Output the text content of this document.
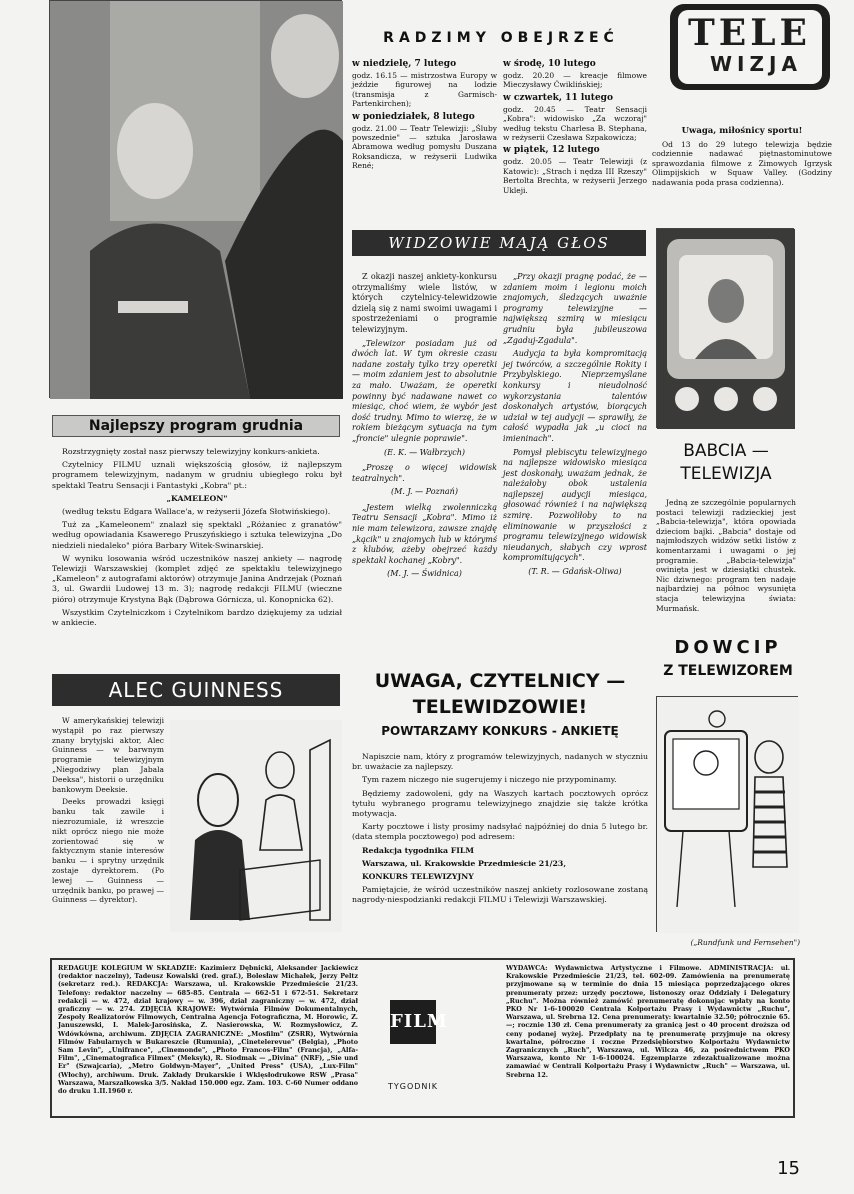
RADZIMY OBEJRZEĆ
w niedzielę, 7 lutego
godz. 16.15 — mistrzostwa Europy w jeździe figurowej na lodzie (transmisja z Garmisch-Partenkirchen);
w poniedziałek, 8 lutego
godz. 21.00 — Teatr Telewizji: „Śluby powszednie" — sztuka Jarosława Abramowa według pomysłu Duszana Roksandicza, w reżyserii Ludwika René;
w środę, 10 lutego
godz. 20.20 — kreacje filmowe Mieczysławy Ćwiklińskiej;
w czwartek, 11 lutego
godz. 20.45 — Teatr Sensacji „Kobra": widowisko „Za wczoraj" według tekstu Charlesa B. Stephana, w reżyserii Czesława Szpakowicza;
w piątek, 12 lutego
godz. 20.05 — Teatr Telewizji (z Katowic): „Strach i nędza III Rzeszy" Bertolta Brechta, w reżyserii Jerzego Ukleji.
TELE
WIZJA
Uwaga, miłośnicy sportu!
Od 13 do 29 lutego telewizja będzie codziennie nadawać piętnastominutowe sprawozdania filmowe z Zimowych Igrzysk Olimpijskich w Squaw Valley. (Godziny nadawania poda prasa codzienna).
WIDZOWIE MAJĄ GŁOS

Z okazji naszej ankiety-konkursu otrzymaliśmy wiele listów, w których czytelnicy-telewidzowie dzielą się z nami swoimi uwagami i spostrzeżeniami o programie telewizyjnym.

„Telewizor posiadam już od dwóch lat. W tym okresie czasu nadane zostały tylko trzy operetki — moim zdaniem jest to absolutnie za mało. Uważam, że operetki powinny być nadawane nawet co miesiąc, choć wiem, że wybór jest dość trudny. Mimo to wierzę, że w rokiem bieżącym sytuacja na tym „froncie" ulegnie poprawie".

(E. K. — Wałbrzych)

„Proszę o więcej widowisk teatralnych".

(M. J. — Poznań)

„Jestem wielką zwolenniczką Teatru Sensacji „Kobra". Mimo iż nie mam telewizora, zawsze znajdę „kącik" u znajomych lub w którymś z klubów, ażeby obejrzeć każdy spektakl kochanej „Kobry".

(M. J. — Świdnica)

„Przy okazji pragnę podać, że — zdaniem moim i legionu moich znajomych, śledzących uważnie programy telewizyjne — największą szmirą w miesiącu grudniu była jubileuszowa „Zgaduj-Zgadula".

Audycja ta była kompromitacją jej twórców, a szczególnie Rokity i Przybylskiego. Nieprzemyślane konkursy i nieudolność wykorzystania talentów doskonałych artystów, biorących udział w tej audycji — sprawiły, że całość wypadła jak „u cioci na imieninach".

Pomysł plebiscytu telewizyjnego na najlepsze widowisko miesiąca jest doskonały, uważam jednak, że należałoby obok ustalenia najlepszej audycji miesiąca, głosować również i na największą szmirę. Pozwoliłoby to na eliminowanie w przyszłości z programu telewizyjnego widowisk nieudanych, słabych czy wprost kompromitujących".

(T. R. — Gdańsk-Oliwa)
BABCIA —
TELEWIZJA
Jedną ze szczególnie popularnych postaci telewizji radzieckiej jest „Babcia-telewizja", która opowiada dzieciom bajki. „Babcia" dostaje od najmłodszych widzów setki listów z komentarzami i uwagami o jej programie. „Babcia-telewizja" owinięta jest w dziesiątki chustek. Nic dziwnego: program ten nadaje najbardziej na północ wysunięta stacja telewizyjna świata: Murmańsk.
Najlepszy program grudnia

Rozstrzygnięty został nasz pierwszy telewizyjny konkurs-ankieta.

Czytelnicy FILMU uznali większością głosów, iż najlepszym programem telewizyjnym, nadanym w grudniu ubiegłego roku był spektakl Teatru Sensacji i Fantastyki „Kobra" pt.:

„KAMELEON"

(według tekstu Edgara Wallace'a, w reżyserii Józefa Słotwińskiego).

Tuż za „Kameleonem" znalazł się spektakl „Różaniec z granatów" według opowiadania Ksawerego Pruszyńskiego i sztuka telewizyjna „Do niedzieli niedaleko" pióra Barbary Witek-Swinarskiej.

W wyniku losowania wśród uczestników naszej ankiety — nagrodę Telewizji Warszawskiej (komplet zdjęć ze spektaklu telewizyjnego „Kameleon" z autografami aktorów) otrzymuje Janina Andrzejak (Poznań 3, ul. Gwardii Ludowej 13 m. 3); nagrodę redakcji FILMU (wieczne pióro) otrzymuje Krystyna Bąk (Dąbrowa Górnicza, ul. Konopnicka 62).

Wszystkim Czytelniczkom i Czytelnikom bardzo dziękujemy za udział w ankiecie.

ALEC GUINNESS

W amerykańskiej telewizji wystąpił po raz pierwszy znany brytyjski aktor, Alec Guinness — w barwnym programie telewizyjnym „Niegodziwy plan Jabala Deeksa", historii o urzędniku bankowym Deeksie.

Deeks prowadzi księgi banku tak zawile i niezrozumiale, iż wreszcie nikt oprócz niego nie może zorientować się w faktycznym stanie interesów banku — i sprytny urzędnik zostaje dyrektorem. (Po lewej — Guinness — urzędnik banku, po prawej — Guinness — dyrektor).

UWAGA, CZYTELNICY —
TELEWIDZOWIE!
POWTARZAMY KONKURS - ANKIETĘ

Napiszcie nam, który z programów telewizyjnych, nadanych w styczniu br. uważacie za najlepszy.

Tym razem niczego nie sugerujemy i niczego nie przypominamy.

Będziemy zadowoleni, gdy na Waszych kartach pocztowych oprócz tytułu wybranego programu telewizyjnego znajdzie się także krótka motywacja.

Karty pocztowe i listy prosimy nadsyłać najpóźniej do dnia 5 lutego br. (data stempla pocztowego) pod adresem:

Redakcja tygodnika FILM

Warszawa, ul. Krakowskie Przedmieście 21/23,

KONKURS TELEWIZYJNY

Pamiętajcie, że wśród uczestników naszej ankiety rozlosowane zostaną nagrody-niespodzianki redakcji FILMU i Telewizji Warszawskiej.

DOWCIP
Z TELEWIZOREM
(„Rundfunk und Fernsehen")
REDAGUJE KOLEGIUM W SKŁADZIE: Kazimierz Dębnicki, Aleksander Jackiewicz (redaktor naczelny), Tadeusz Kowalski (red. graf.), Bolesław Michałek, Jerzy Peltz (sekretarz red.). REDAKCJA: Warszawa, ul. Krakowskie Przedmieście 21/23. Telefony: redaktor naczelny — 685-85. Centrala — 662-51 i 672-51. Sekretarz redakcji — w. 472, dział krajowy — w. 396, dział zagraniczny — w. 472, dział graficzny — w. 274. ZDJĘCIA KRAJOWE: Wytwórnia Filmów Dokumentalnych, Zespoły Realizatorów Filmowych, Centralna Agencja Fotograficzna, M. Horowic, Z. Januszewski, I. Malek-Jarosińska, Z. Nasierowska, W. Rozmysłowicz, Z. Wdówkówna, archiwum. ZDJĘCIA ZAGRANICZNE: „Mosfilm" (ZSRR), Wytwórnia Filmów Fabularnych w Bukareszcie (Rumunia), „Cinetelerevue" (Belgia), „Photo Sam Levin", „Unifrance", „Cinemonde", „Photo Francos-Film" (Francja), „Alfa-Film", „Cinematografica Filmex" (Meksyk), R. Siodmak — „Divina" (NRF), „Sie und Er" (Szwajcaria), „Metro Goldwyn-Mayer", „United Press" (USA), „Lux-Film" (Włochy), archiwum. Druk. Zakłady Drukarskie i Wklęsłodrukowe RSW „Prasa" Warszawa, Marszałkowska 3/5. Nakład 150.000 egz. Zam. 103. C-60 Numer oddano do druku 1.II.1960 r.
FILM
TYGODNIK
WYDAWCA: Wydawnictwa Artystyczne i Filmowe. ADMINISTRACJA: ul. Krakowskie Przedmieście 21/23, tel. 602-09. Zamówienia na prenumeratę przyjmowane są w terminie do dnia 15 miesiąca poprzedzającego okres prenumeraty przez: urzędy pocztowe, listonoszy oraz Oddziały i Delegatury „Ruchu". Można również zamówić prenumeratę dokonując wpłaty na konto PKO Nr 1-6-100020 Centrala Kolportażu Prasy i Wydawnictw „Ruchu", Warszawa, ul. Srebrna 12. Cena prenumeraty: kwartalnie 32.50; półrocznie 65.—; rocznie 130 zł. Cena prenumeraty za granicą jest o 40 procent droższa od ceny podanej wyżej. Przedpłaty na tę prenumeratę przyjmuje na okresy kwartalne, półroczne i roczne Przedsiębiorstwo Kolportażu Wydawnictw Zagranicznych „Ruch", Warszawa, ul. Wilcza 46, za pośrednictwem PKO Warszawa, konto Nr 1-6-100024. Egzemplarze zdezaktualizowane można zamawiać w Centrali Kolportażu Prasy i Wydawnictw „Ruch" — Warszawa, ul. Srebrna 12.
15
